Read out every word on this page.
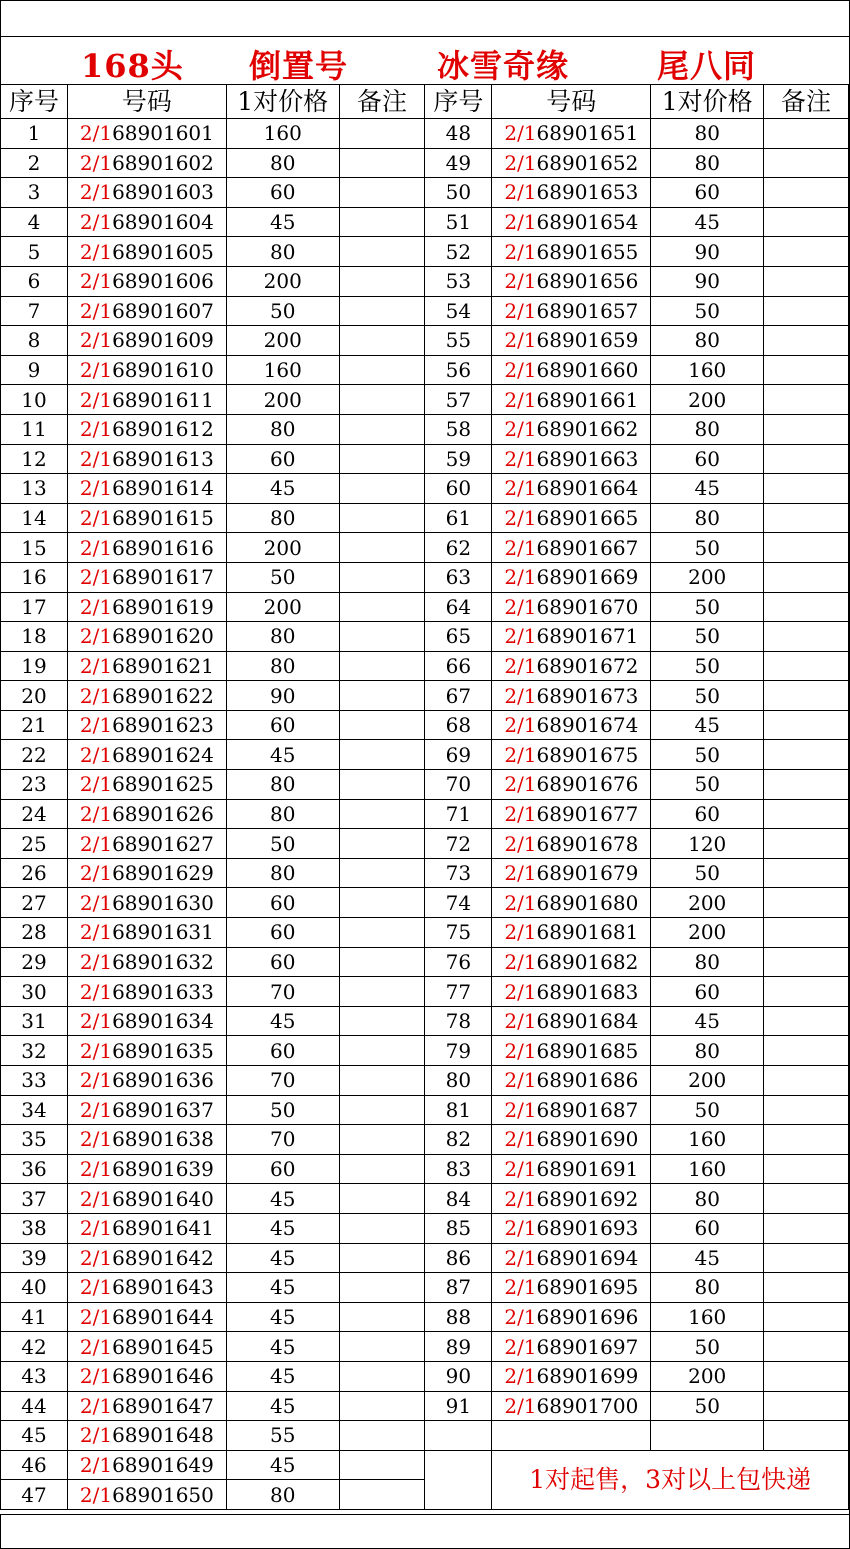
168头 倒置号	冰雪奇缘	尾八同
序号	号码	1对价格	备注	序号	号码	1对价格	备注
1	2/168901601	160		48	2/168901651	80	
2	2/168901602	80		49	2/168901652	80	
3	2/168901603	60		50	2/168901653	60	
4	2/168901604	45		51	2/168901654	45	
5	2/168901605	80		52	2/168901655	90	
6	2/168901606	200		53	2/168901656	90	
7	2/168901607	50		54	2/168901657	50	
8	2/168901609	200		55	2/168901659	80	
9	2/168901610	160		56	2/168901660	160	
10	2/168901611	200		57	2/168901661	200	
11	2/168901612	80		58	2/168901662	80	
12	2/168901613	60		59	2/168901663	60	
13	2/168901614	45		60	2/168901664	45	
14	2/168901615	80		61	2/168901665	80	
15	2/168901616	200		62	2/168901667	50	
16	2/168901617	50		63	2/168901669	200	
17	2/168901619	200		64	2/168901670	50	
18	2/168901620	80		65	2/168901671	50	
19	2/168901621	80		66	2/168901672	50	
20	2/168901622	90		67	2/168901673	50	
21	2/168901623	60		68	2/168901674	45	
22	2/168901624	45		69	2/168901675	50	
23	2/168901625	80		70	2/168901676	50	
24	2/168901626	80		71	2/168901677	60	
25	2/168901627	50		72	2/168901678	120	
26	2/168901629	80		73	2/168901679	50	
27	2/168901630	60		74	2/168901680	200	
28	2/168901631	60		75	2/168901681	200	
29	2/168901632	60		76	2/168901682	80	
30	2/168901633	70		77	2/168901683	60	
31	2/168901634	45		78	2/168901684	45	
32	2/168901635	60		79	2/168901685	80	
33	2/168901636	70		80	2/168901686	200	
34	2/168901637	50		81	2/168901687	50	
35	2/168901638	70		82	2/168901690	160	
36	2/168901639	60		83	2/168901691	160	
37	2/168901640	45		84	2/168901692	80	
38	2/168901641	45		85	2/168901693	60	
39	2/168901642	45		86	2/168901694	45	
40	2/168901643	45		87	2/168901695	80	
41	2/168901644	45		88	2/168901696	160	
42	2/168901645	45		89	2/168901697	50	
43	2/168901646	45		90	2/168901699	200	
44	2/168901647	45		91	2/168901700	50	
45	2/168901648	55					
46	2/168901649	45			1对起售，3对以上包快递		
47	2/168901650	80					
